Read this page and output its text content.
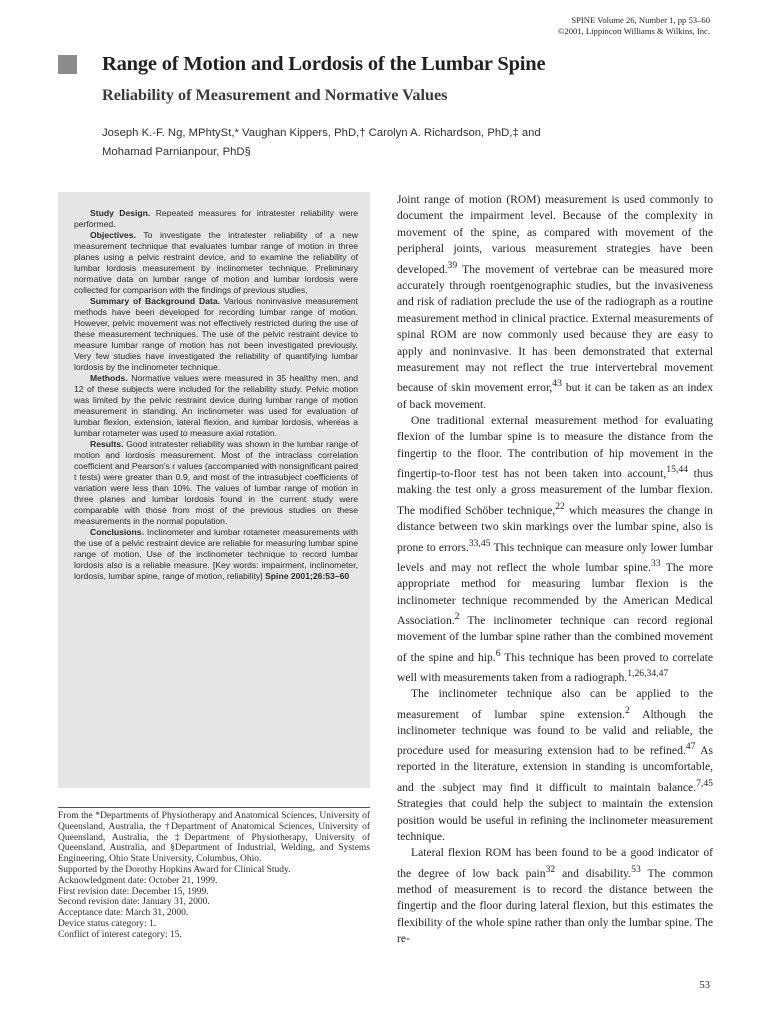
SPINE Volume 26, Number 1, pp 53–60
©2001, Lippincott Williams & Wilkins, Inc.
Range of Motion and Lordosis of the Lumbar Spine
Reliability of Measurement and Normative Values
Joseph K.-F. Ng, MPhtySt,* Vaughan Kippers, PhD,† Carolyn A. Richardson, PhD,‡ and
Mohamad Parnianpour, PhD§

Study Design. Repeated measures for intratester reliability were performed.

Objectives. To investigate the intratester reliability of a new measurement technique that evaluates lumbar range of motion in three planes using a pelvic restraint device, and to examine the reliability of lumbar lordosis measurement by inclinometer technique. Preliminary normative data on lumbar range of motion and lumbar lordosis were collected for comparison with the findings of previous studies.

Summary of Background Data. Various noninvasive measurement methods have been developed for recording lumbar range of motion. However, pelvic movement was not effectively restricted during the use of these measurement techniques. The use of the pelvic restraint device to measure lumbar range of motion has not been investigated previously. Very few studies have investigated the reliability of quantifying lumbar lordosis by the inclinometer technique.

Methods. Normative values were measured in 35 healthy men, and 12 of these subjects were included for the reliability study. Pelvic motion was limited by the pelvic restraint device during lumbar range of motion measurement in standing. An inclinometer was used for evaluation of lumbar flexion, extension, lateral flexion, and lumbar lordosis, whereas a lumbar rotameter was used to measure axial rotation.

Results. Good intratester reliability was shown in the lumbar range of motion and lordosis measurement. Most of the intraclass correlation coefficient and Pearson's r values (accompanied with nonsignificant paired t tests) were greater than 0.9, and most of the intrasubject coefficients of variation were less than 10%. The values of lumbar range of motion in three planes and lumbar lordosis found in the current study were comparable with those from most of the previous studies on these measurements in the normal population.

Conclusions. Inclinometer and lumbar rotameter measurements with the use of a pelvic restraint device are reliable for measuring lumbar spine range of motion. Use of the inclinometer technique to record lumbar lordosis also is a reliable measure. [Key words: impairment, inclinometer, lordosis, lumbar spine, range of motion, reliability] Spine 2001;26:53–60

From the *Departments of Physiotherapy and Anatomical Sciences, University of Queensland, Australia, the †Department of Anatomical Sciences, University of Queensland, Australia, the ‡Department of Physiotherapy, University of Queensland, Australia, and §Department of Industrial, Welding, and Systems Engineering, Ohio State University, Columbus, Ohio.

Supported by the Dorothy Hopkins Award for Clinical Study.

Acknowledgment date: October 21, 1999.

First revision date: December 15, 1999.

Second revision date: January 31, 2000.

Acceptance date: March 31, 2000.

Device status category: 1.

Conflict of interest category: 15.

Joint range of motion (ROM) measurement is used commonly to document the impairment level. Because of the complexity in movement of the spine, as compared with movement of the peripheral joints, various measurement strategies have been developed.$^{39}$ The movement of vertebrae can be measured more accurately through roentgenographic studies, but the invasiveness and risk of radiation preclude the use of the radiograph as a routine measurement method in clinical practice. External measurements of spinal ROM are now commonly used because they are easy to apply and noninvasive. It has been demonstrated that external measurement may not reflect the true intervertebral movement because of skin movement error,$^{43}$ but it can be taken as an index of back movement.

One traditional external measurement method for evaluating flexion of the lumbar spine is to measure the distance from the fingertip to the floor. The contribution of hip movement in the fingertip-to-floor test has not been taken into account,$^{15,44}$ thus making the test only a gross measurement of the lumbar flexion. The modified Schöber technique,$^{22}$ which measures the change in distance between two skin markings over the lumbar spine, also is prone to errors.$^{33,45}$ This technique can measure only lower lumbar levels and may not reflect the whole lumbar spine.$^{33}$ The more appropriate method for measuring lumbar flexion is the inclinometer technique recommended by the American Medical Association.$^2$ The inclinometer technique can record regional movement of the lumbar spine rather than the combined movement of the spine and hip.$^6$ This technique has been proved to correlate well with measurements taken from a radiograph.$^{1,26,34,47}$

The inclinometer technique also can be applied to the measurement of lumbar spine extension.$^2$ Although the inclinometer technique was found to be valid and reliable, the procedure used for measuring extension had to be refined.$^{47}$ As reported in the literature, extension in standing is uncomfortable, and the subject may find it difficult to maintain balance.$^{7,45}$ Strategies that could help the subject to maintain the extension position would be useful in refining the inclinometer measurement technique.

Lateral flexion ROM has been found to be a good indicator of the degree of low back pain$^{32}$ and disability.$^{53}$ The common method of measurement is to record the distance between the fingertip and the floor during lateral flexion, but this estimates the flexibility of the whole spine rather than only the lumbar spine. The re-

53
